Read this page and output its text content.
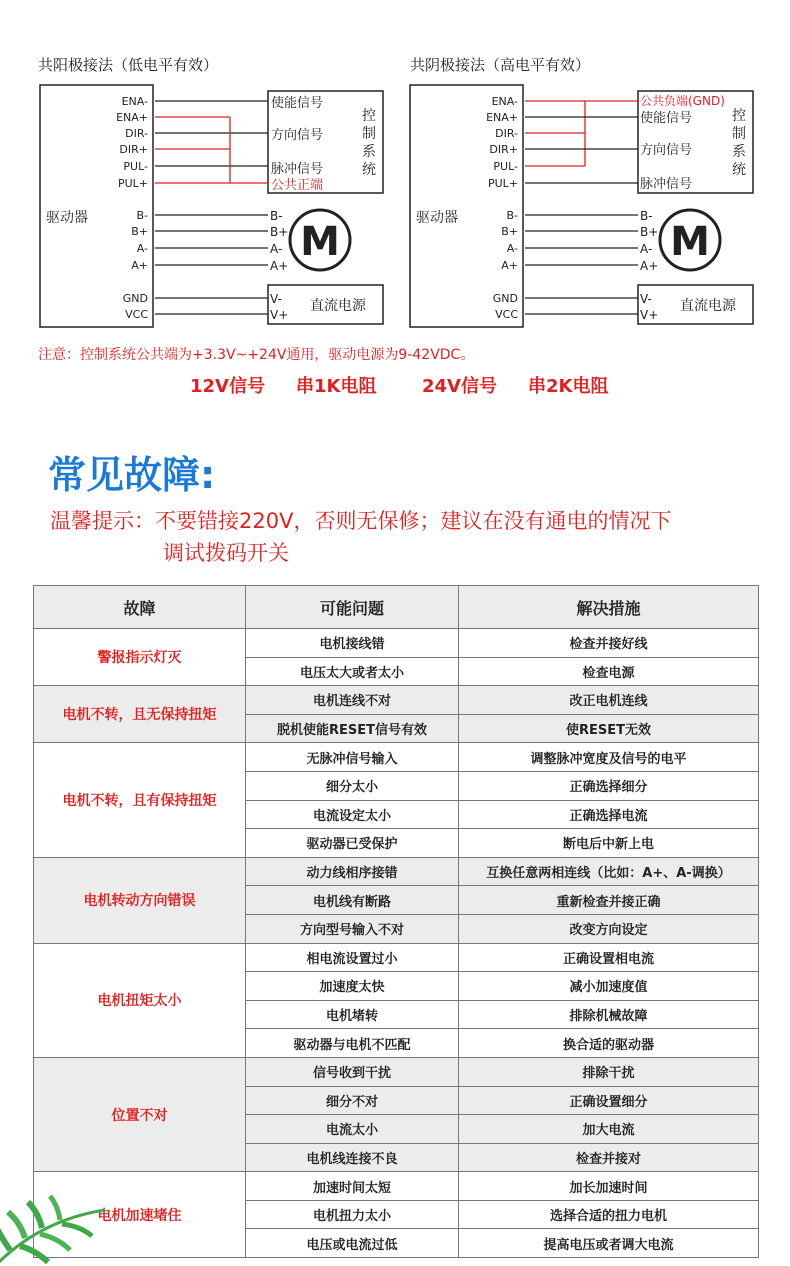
共阳极接法（低电平有效）	共阴极接法（高电平有效）
驱动器
ENA-
ENA+
DIR-
DIR+
PUL-
PUL+
B-
B+
A-
A+
GND
VCC
控
制
系
统
使能信号
方向信号
脉冲信号
公共正端
B-
B+
A-
A+
M
V-
V+
直流电源
驱动器
ENA-
ENA+
DIR-
DIR+
PUL-
PUL+
B-
B+
A-
A+
GND
VCC
控
制
系
统
公共负端(GND)
使能信号
方向信号
脉冲信号
B-
B+
A-
A+
M
V-
V+
直流电源
注意：控制系统公共端为+3.3V~+24V通用，驱动电源为9-42VDC。
12V信号 串1K电阻	24V信号 串2K电阻
常见故障:
温馨提示：不要错接220V，否则无保修；建议在没有通电的情况下
调试拨码开关
故障	可能问题	解决措施
警报指示灯灭	电机接线错	检查并接好线
	电压太大或者太小	检查电源
电机不转，且无保持扭矩	电机连线不对	改正电机连线
	脱机使能RESET信号有效	使RESET无效
电机不转，且有保持扭矩	无脉冲信号输入	调整脉冲宽度及信号的电平
	细分太小	正确选择细分
	电流设定太小	正确选择电流
	驱动器已受保护	断电后中新上电
电机转动方向错误	动力线相序接错	互换任意两相连线（比如：A+、A-调换）
	电机线有断路	重新检查并接正确
	方向型号输入不对	改变方向设定
电机扭矩太小	相电流设置过小	正确设置相电流
	加速度太快	减小加速度值
	电机堵转	排除机械故障
	驱动器与电机不匹配	换合适的驱动器
位置不对	信号收到干扰	排除干扰
	细分不对	正确设置细分
	电流太小	加大电流
	电机线连接不良	检查并接对
电机加速堵住	加速时间太短	加长加速时间
	电机扭力太小	选择合适的扭力电机
	电压或电流过低	提高电压或者调大电流
